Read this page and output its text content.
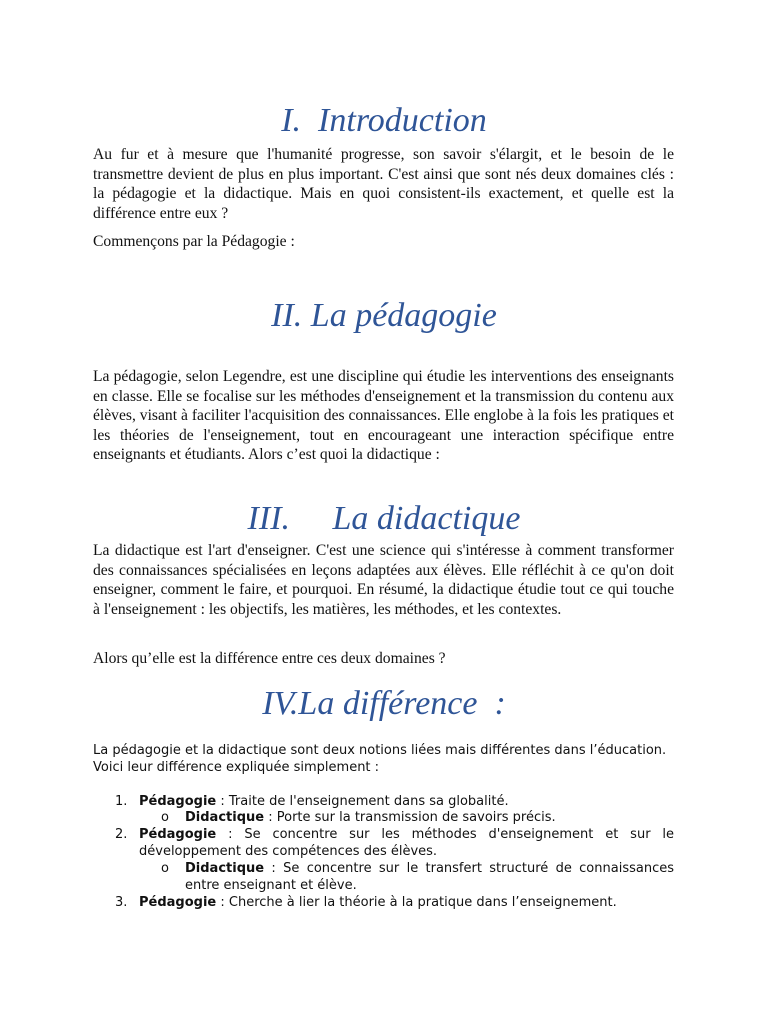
I. Introduction
Au fur et à mesure que l'humanité progresse, son savoir s'élargit, et le besoin de le transmettre devient de plus en plus important. C'est ainsi que sont nés deux domaines clés : la pédagogie et la didactique. Mais en quoi consistent-ils exactement, et quelle est la différence entre eux ?
Commençons par la Pédagogie :
II. La pédagogie
La pédagogie, selon Legendre, est une discipline qui étudie les interventions des enseignants en classe. Elle se focalise sur les méthodes d'enseignement et la transmission du contenu aux élèves, visant à faciliter l'acquisition des connaissances. Elle englobe à la fois les pratiques et les théories de l'enseignement, tout en encourageant une interaction spécifique entre enseignants et étudiants. Alors c’est quoi la didactique :
III. La didactique
La didactique est l'art d'enseigner. C'est une science qui s'intéresse à comment transformer des connaissances spécialisées en leçons adaptées aux élèves. Elle réfléchit à ce qu'on doit enseigner, comment le faire, et pourquoi. En résumé, la didactique étudie tout ce qui touche à l'enseignement : les objectifs, les matières, les méthodes, et les contextes.
Alors qu’elle est la différence entre ces deux domaines ?
IV.La différence  :
La pédagogie et la didactique sont deux notions liées mais différentes dans l’éducation. Voici leur différence expliquée simplement :
1. Pédagogie : Traite de l'enseignement dans sa globalité.
o Didactique : Porte sur la transmission de savoirs précis.
2. Pédagogie : Se concentre sur les méthodes d'enseignement et sur le développement des compétences des élèves.
o Didactique : Se concentre sur le transfert structuré de connaissances entre enseignant et élève.
3. Pédagogie : Cherche à lier la théorie à la pratique dans l’enseignement.
